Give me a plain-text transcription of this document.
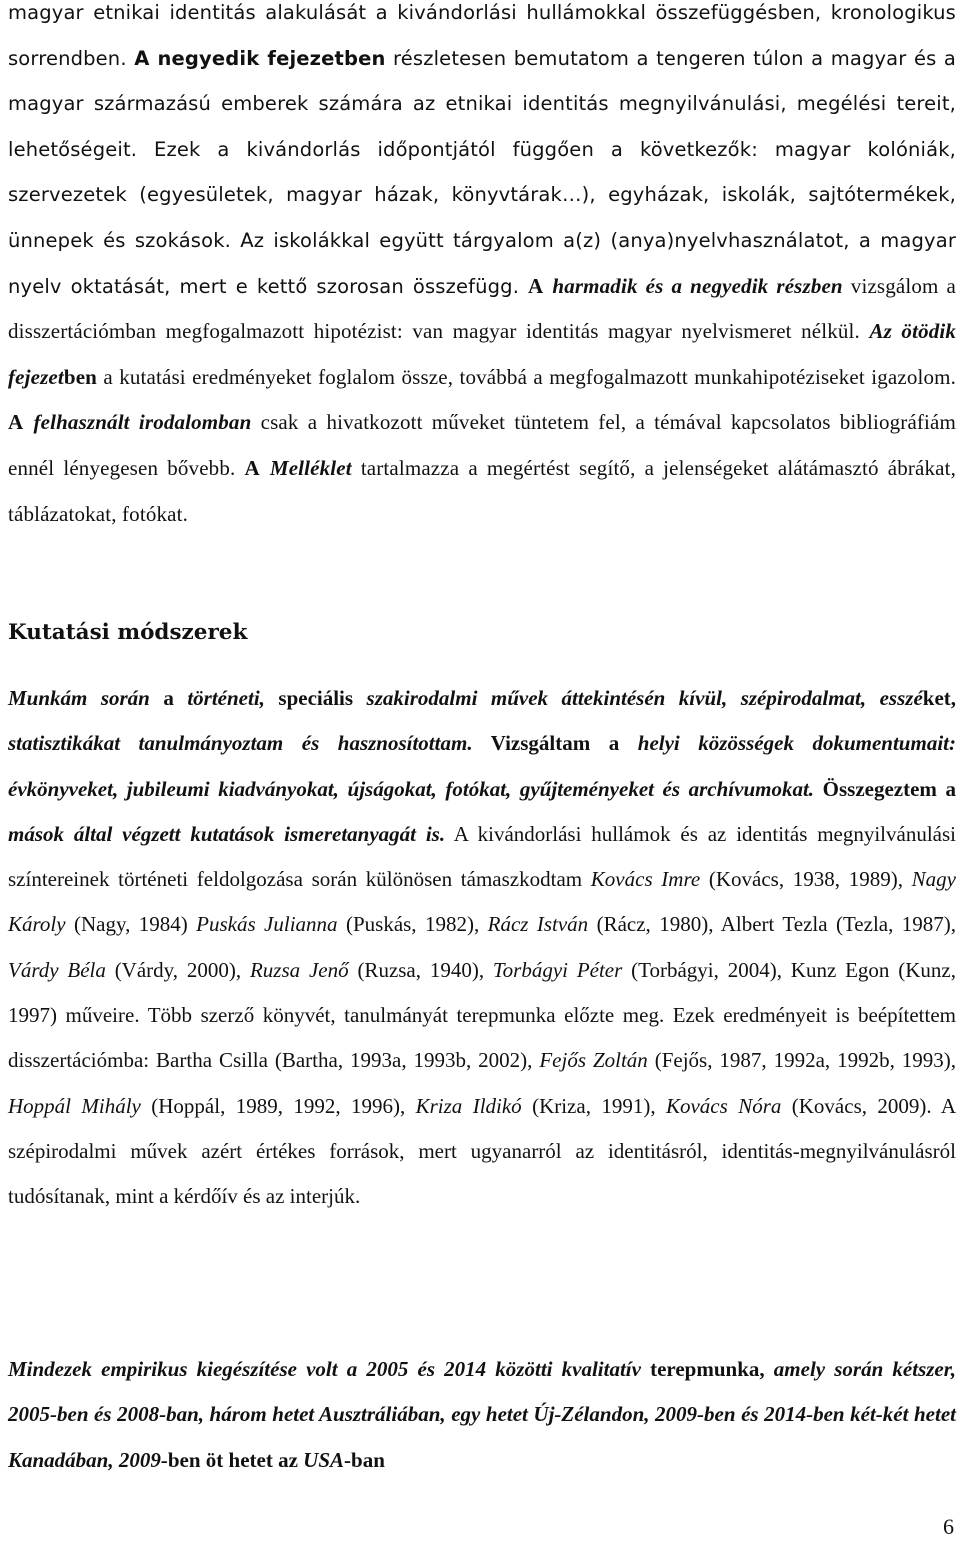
magyar etnikai identitás alakulását a kivándorlási hullámokkal összefüggésben, kronologikus sorrendben. A negyedik fejezetben részletesen bemutatom a tengeren túlon a magyar és a magyar származású emberek számára az etnikai identitás megnyilvánulási, megélési tereit, lehetőségeit. Ezek a kivándorlás időpontjától függően a következők: magyar kolóniák, szervezetek (egyesületek, magyar házak, könyvtárak…), egyházak, iskolák, sajtótermékek, ünnepek és szokások. Az iskolákkal együtt tárgyalom a(z) (anya)nyelvhasználatot, a magyar nyelv oktatását, mert e kettő szorosan összefügg. A harmadik és a negyedik részben vizsgálom a disszertációmban megfogalmazott hipotézist: van magyar identitás magyar nyelvismeret nélkül. Az ötödik fejezetben a kutatási eredményeket foglalom össze, továbbá a megfogalmazott munkahipotéziseket igazolom. A felhasznált irodalomban csak a hivatkozott műveket tüntetem fel, a témával kapcsolatos bibliográfiám ennél lényegesen bővebb. A Melléklet tartalmazza a megértést segítő, a jelenségeket alátámasztó ábrákat, táblázatokat, fotókat.

Kutatási módszerek

Munkám során a történeti, speciális szakirodalmi művek áttekintésén kívül, szépirodalmat, esszéket, statisztikákat tanulmányoztam és hasznosítottam. Vizsgáltam a helyi közösségek dokumentumait: évkönyveket, jubileumi kiadványokat, újságokat, fotókat, gyűjteményeket és archívumokat. Összegeztem a mások által végzett kutatások ismeretanyagát is. A kivándorlási hullámok és az identitás megnyilvánulási színtereinek történeti feldolgozása során különösen támaszkodtam Kovács Imre (Kovács, 1938, 1989), Nagy Károly (Nagy, 1984) Puskás Julianna (Puskás, 1982), Rácz István (Rácz, 1980), Albert Tezla (Tezla, 1987), Várdy Béla (Várdy, 2000), Ruzsa Jenő (Ruzsa, 1940), Torbágyi Péter (Torbágyi, 2004), Kunz Egon (Kunz, 1997) műveire. Több szerző könyvét, tanulmányát terepmunka előzte meg. Ezek eredményeit is beépítettem disszertációmba: Bartha Csilla (Bartha, 1993a, 1993b, 2002), Fejős Zoltán (Fejős, 1987, 1992a, 1992b, 1993), Hoppál Mihály (Hoppál, 1989, 1992, 1996), Kriza Ildikó (Kriza, 1991), Kovács Nóra (Kovács, 2009). A szépirodalmi művek azért értékes források, mert ugyanarról az identitásról, identitás-megnyilvánulásról tudósítanak, mint a kérdőív és az interjúk.

Mindezek empirikus kiegészítése volt a 2005 és 2014 közötti kvalitatív terepmunka, amely során kétszer, 2005-ben és 2008-ban, három hetet Ausztráliában, egy hetet Új-Zélandon, 2009-ben és 2014-ben két-két hetet Kanadában, 2009-ben öt hetet az USA-ban

6
